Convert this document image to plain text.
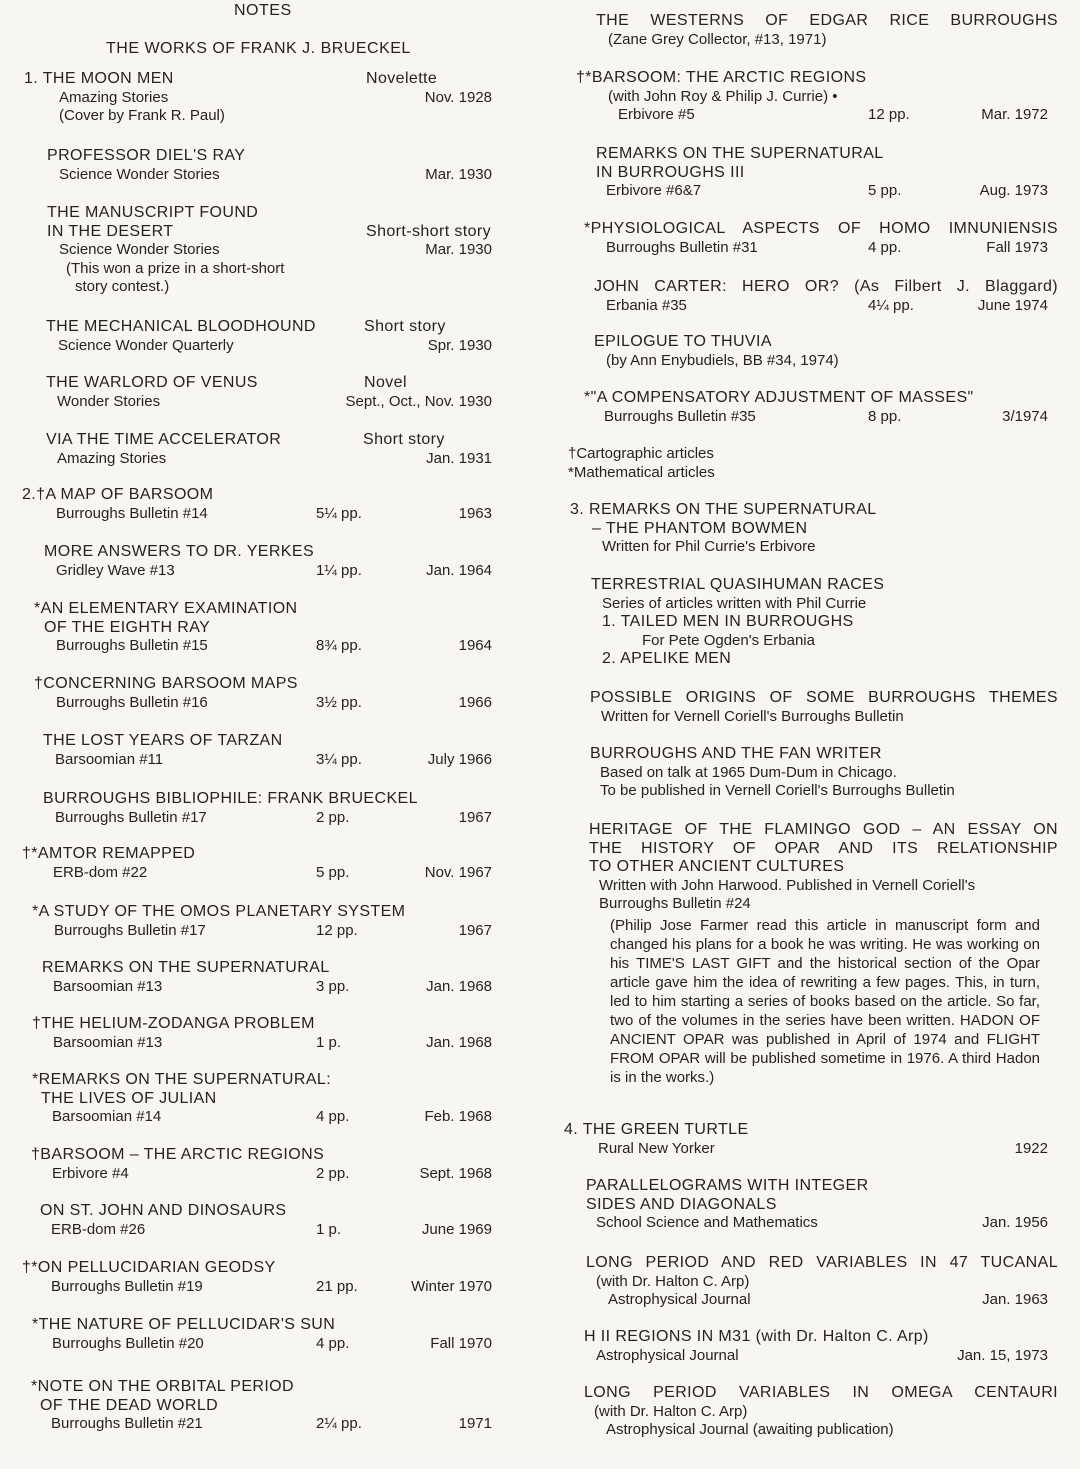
NOTES
THE WORKS OF FRANK J. BRUECKEL
1. THE MOON MEN	Novelette
Amazing Stories	Nov. 1928
(Cover by Frank R. Paul)
PROFESSOR DIEL'S RAY
Science Wonder Stories	Mar. 1930
THE MANUSCRIPT FOUND
IN THE DESERT	Short-short story
Science Wonder Stories	Mar. 1930
(This won a prize in a short-short
story contest.)
THE MECHANICAL BLOODHOUND	Short story
Science Wonder Quarterly	Spr. 1930
THE WARLORD OF VENUS	Novel
Wonder Stories	Sept., Oct., Nov. 1930
VIA THE TIME ACCELERATOR	Short story
Amazing Stories	Jan. 1931
2.†A MAP OF BARSOOM
Burroughs Bulletin #14	5¼ pp.	1963
MORE ANSWERS TO DR. YERKES
Gridley Wave #13	1¼ pp.	Jan. 1964
*AN ELEMENTARY EXAMINATION
OF THE EIGHTH RAY
Burroughs Bulletin #15	8¾ pp.	1964
†CONCERNING BARSOOM MAPS
Burroughs Bulletin #16	3½ pp.	1966
THE LOST YEARS OF TARZAN
Barsoomian #11	3¼ pp.	July 1966
BURROUGHS BIBLIOPHILE: FRANK BRUECKEL
Burroughs Bulletin #17	2 pp.	1967
†*AMTOR REMAPPED
ERB-dom #22	5 pp.	Nov. 1967
*A STUDY OF THE OMOS PLANETARY SYSTEM
Burroughs Bulletin #17	12 pp.	1967
REMARKS ON THE SUPERNATURAL
Barsoomian #13	3 pp.	Jan. 1968
†THE HELIUM-ZODANGA PROBLEM
Barsoomian #13	1 p.	Jan. 1968
*REMARKS ON THE SUPERNATURAL:
THE LIVES OF JULIAN
Barsoomian #14	4 pp.	Feb. 1968
†BARSOOM – THE ARCTIC REGIONS
Erbivore #4	2 pp.	Sept. 1968
ON ST. JOHN AND DINOSAURS
ERB-dom #26	1 p.	June 1969
†*ON PELLUCIDARIAN GEODSY
Burroughs Bulletin #19	21 pp.	Winter 1970
*THE NATURE OF PELLUCIDAR'S SUN
Burroughs Bulletin #20	4 pp.	Fall 1970
*NOTE ON THE ORBITAL PERIOD
OF THE DEAD WORLD
Burroughs Bulletin #21	2¼ pp.	1971
(Philip Jose Farmer read this article in manuscript form and changed his plans for a book he was writing. He was working on his TIME'S LAST GIFT and the historical section of the Opar article gave him the idea of rewriting a few pages. This, in turn, led to him starting a series of books based on the article. So far, two of the volumes in the series have been written. HADON OF ANCIENT OPAR was published in April of 1974 and FLIGHT FROM OPAR will be published sometime in 1976. A third Hadon is in the works.)
THE WESTERNS OF EDGAR RICE BURROUGHS
(Zane Grey Collector, #13, 1971)
†*BARSOOM: THE ARCTIC REGIONS
(with John Roy & Philip J. Currie) •
Erbivore #5	12 pp.	Mar. 1972
REMARKS ON THE SUPERNATURAL
IN BURROUGHS III
Erbivore #6&7	5 pp.	Aug. 1973
*PHYSIOLOGICAL ASPECTS OF HOMO IMNUNIENSIS
Burroughs Bulletin #31	4 pp.	Fall 1973
JOHN CARTER: HERO OR? (As Filbert J. Blaggard)
Erbania #35	4¼ pp.	June 1974
EPILOGUE TO THUVIA
(by Ann Enybudiels, BB #34, 1974)
*"A COMPENSATORY ADJUSTMENT OF MASSES"
Burroughs Bulletin #35	8 pp.	3/1974
†Cartographic articles
*Mathematical articles
3. REMARKS ON THE SUPERNATURAL
– THE PHANTOM BOWMEN
Written for Phil Currie's Erbivore
TERRESTRIAL QUASIHUMAN RACES
Series of articles written with Phil Currie
1. TAILED MEN IN BURROUGHS
For Pete Ogden's Erbania
2. APELIKE MEN
POSSIBLE ORIGINS OF SOME BURROUGHS THEMES
Written for Vernell Coriell's Burroughs Bulletin
BURROUGHS AND THE FAN WRITER
Based on talk at 1965 Dum-Dum in Chicago.
To be published in Vernell Coriell's Burroughs Bulletin
HERITAGE OF THE FLAMINGO GOD – AN ESSAY ON
THE HISTORY OF OPAR AND ITS RELATIONSHIP
TO OTHER ANCIENT CULTURES
Written with John Harwood. Published in Vernell Coriell's
Burroughs Bulletin #24
4. THE GREEN TURTLE
Rural New Yorker	1922
PARALLELOGRAMS WITH INTEGER
SIDES AND DIAGONALS
School Science and Mathematics	Jan. 1956
LONG PERIOD AND RED VARIABLES IN 47 TUCANAL
(with Dr. Halton C. Arp)
Astrophysical Journal	Jan. 1963
H II REGIONS IN M31 (with Dr. Halton C. Arp)
Astrophysical Journal	Jan. 15, 1973
LONG PERIOD VARIABLES IN OMEGA CENTAURI
(with Dr. Halton C. Arp)
Astrophysical Journal (awaiting publication)
